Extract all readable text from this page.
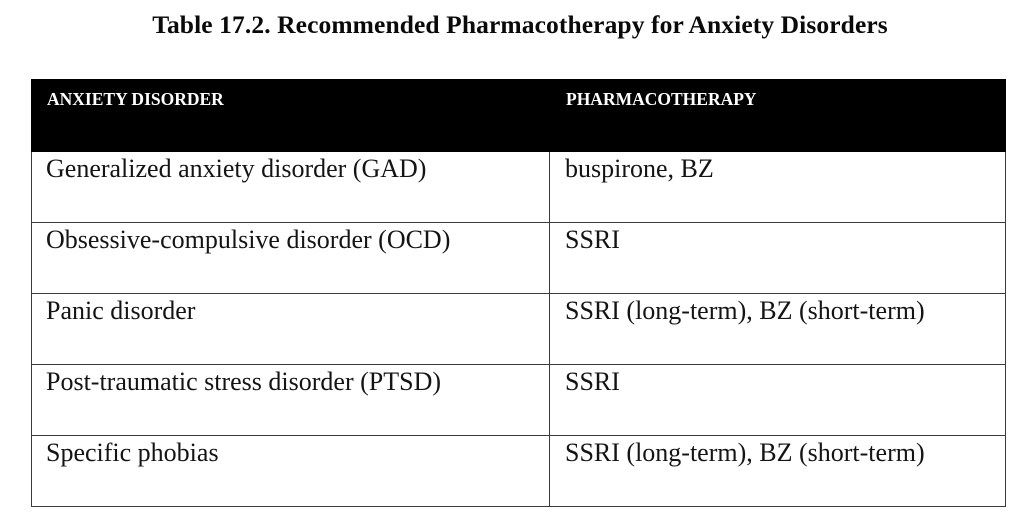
Table 17.2. Recommended Pharmacotherapy for Anxiety Disorders
ANXIETY DISORDER	PHARMACOTHERAPY
Generalized anxiety disorder (GAD)	buspirone, BZ
Obsessive-compulsive disorder (OCD)	SSRI
Panic disorder	SSRI (long-term), BZ (short-term)
Post-traumatic stress disorder (PTSD)	SSRI
Specific phobias	SSRI (long-term), BZ (short-term)
